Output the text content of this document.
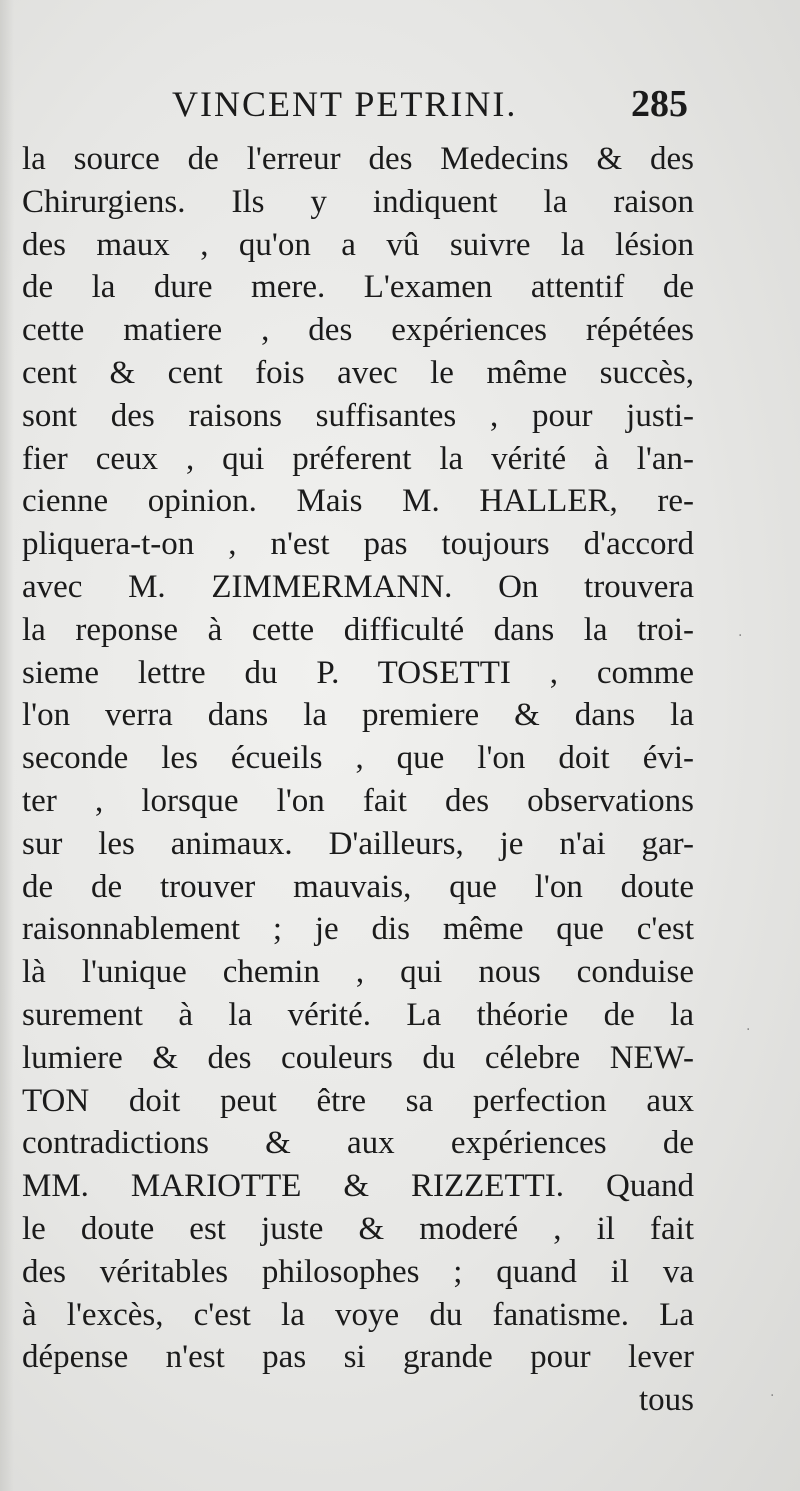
VINCENT PETRINI.	285
la source de l'erreur des Medecins & des
Chirurgiens. Ils y indiquent la raison
des maux , qu'on a vû suivre la lésion
de la dure mere. L'examen attentif de
cette matiere , des expériences répétées
cent & cent fois avec le même succès,
sont des raisons suffisantes , pour justi-
fier ceux , qui préferent la vérité à l'an-
cienne opinion. Mais M. HALLER, re-
pliquera-t-on , n'est pas toujours d'accord
avec M. ZIMMERMANN. On trouvera
la reponse à cette difficulté dans la troi-
sieme lettre du P. TOSETTI , comme
l'on verra dans la premiere & dans la
seconde les écueils , que l'on doit évi-
ter , lorsque l'on fait des observations
sur les animaux. D'ailleurs, je n'ai gar-
de de trouver mauvais, que l'on doute
raisonnablement ; je dis même que c'est
là l'unique chemin , qui nous conduise
surement à la vérité. La théorie de la
lumiere & des couleurs du célebre NEW-
TON doit peut être sa perfection aux
contradictions & aux expériences de
MM. MARIOTTE & RIZZETTI. Quand
le doute est juste & moderé , il fait
des véritables philosophes ; quand il va
à l'excès, c'est la voye du fanatisme. La
dépense n'est pas si grande pour lever
tous
·
·
·
